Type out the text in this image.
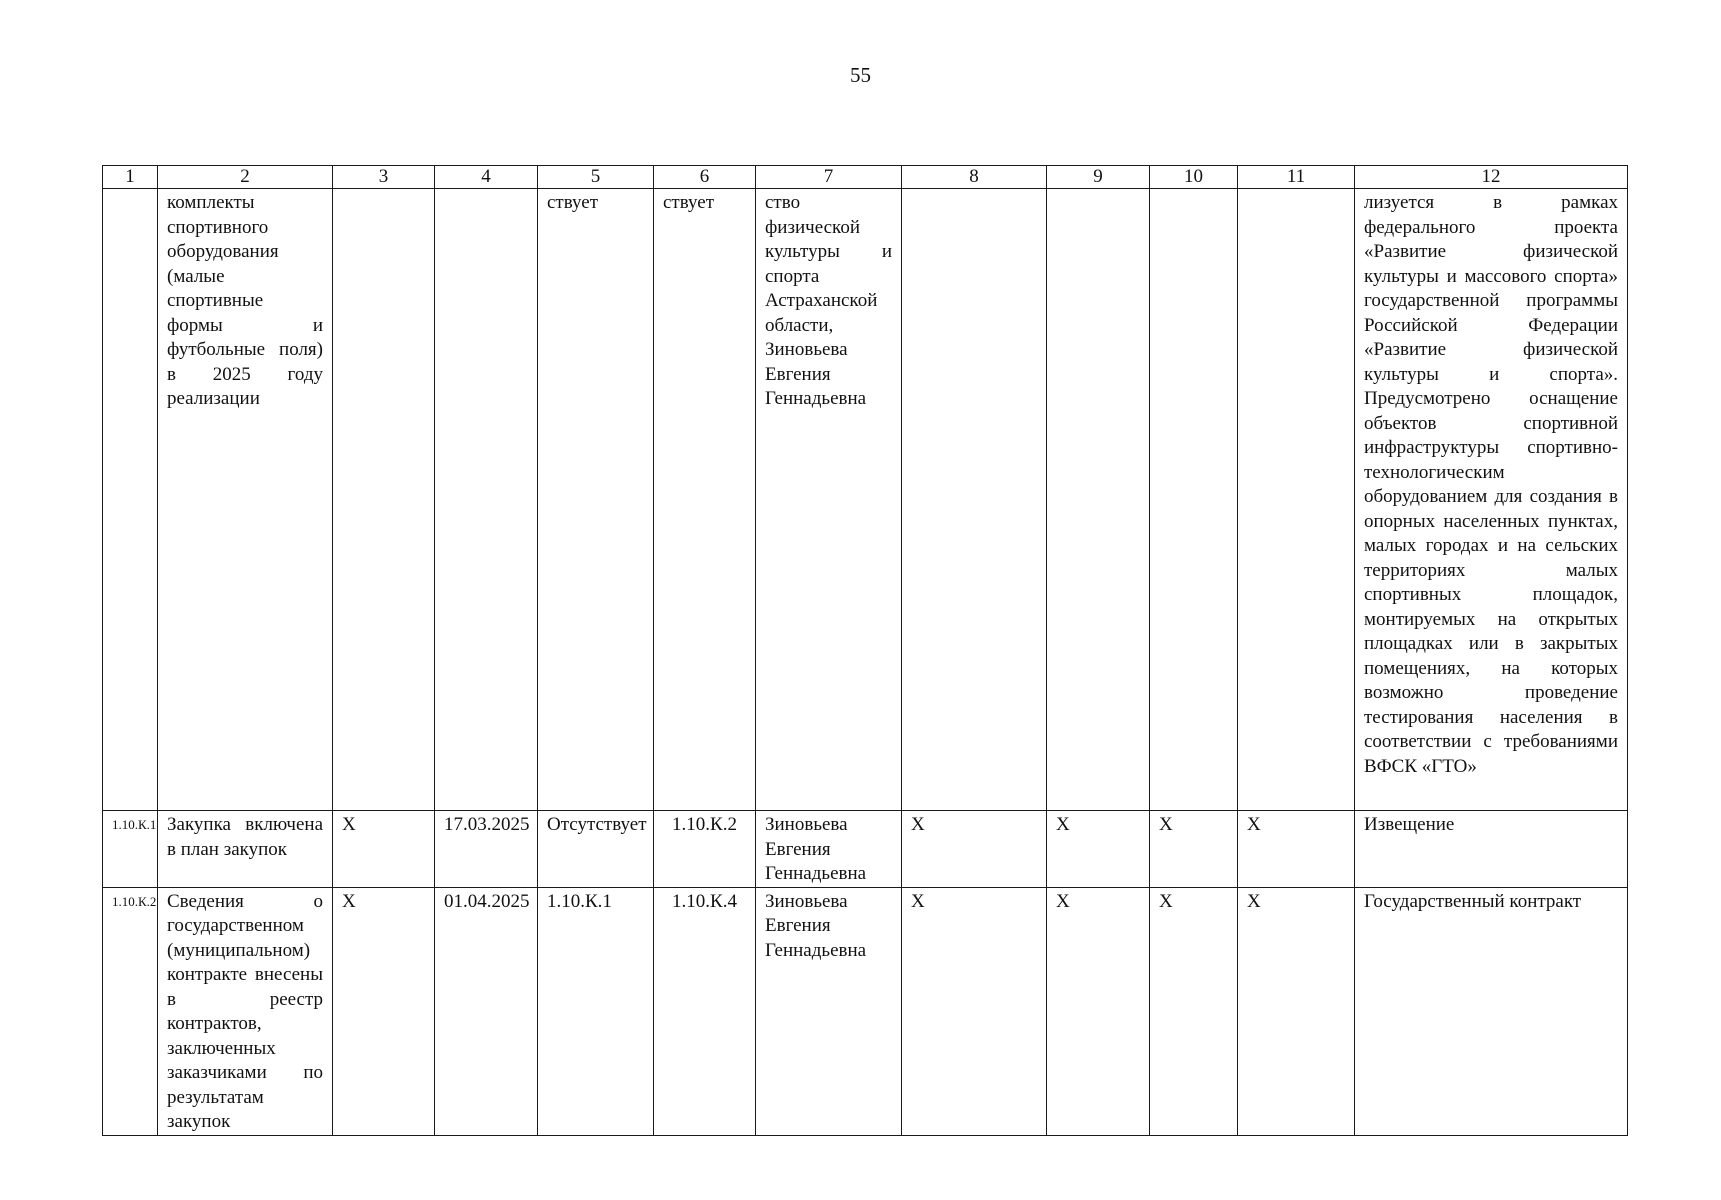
55
1	2	3	4	5	6	7	8	9	10	11	12
	комплекты спортивного оборудования (малые спортивные формы и футбольные поля) в 2025 году реализации			ствует	ствует	ство физической культуры и спорта Астраханской области, Зиновьева Евгения Геннадьевна					лизуется в рамках федерального проекта «Развитие физической культуры и массового спорта» государственной программы Российской Федерации «Развитие физической культуры и спорта». Предусмотрено оснащение объектов спортивной инфраструктуры спортивно-технологическим оборудованием для создания в опорных населенных пунктах, малых городах и на сельских территориях малых спортивных площадок, монтируемых на открытых площадках или в закрытых помещениях, на которых возможно проведение тестирования населения в соответствии с требованиями ВФСК «ГТО»
1.10.К.1	Закупка включена в план закупок	X	17.03.2025	Отсутствует	1.10.К.2	Зиновьева Евгения Геннадьевна	X	X	X	X	Извещение
1.10.К.2	Сведения о государственном (муниципальном) контракте внесены в реестр контрактов, заключенных заказчиками по результатам закупок	X	01.04.2025	1.10.К.1	1.10.К.4	Зиновьева Евгения Геннадьевна	X	X	X	X	Государственный контракт
